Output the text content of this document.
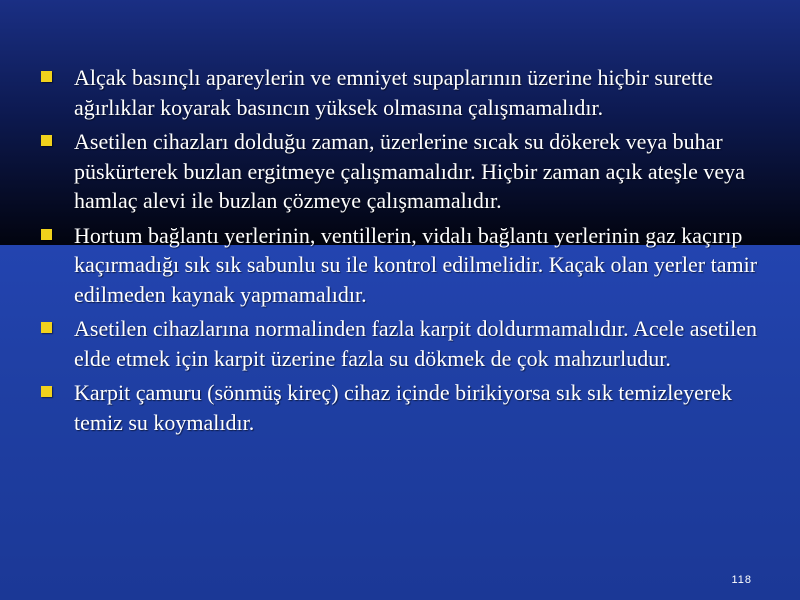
Alçak basınçlı apareylerin ve emniyet supaplarının üzerine hiçbir surette ağırlıklar koyarak basıncın yüksek olmasına çalışmamalıdır.
Asetilen cihazları dolduğu zaman, üzerlerine sıcak su dökerek veya buhar püskürterek buzlan ergitmeye çalışmamalıdır. Hiçbir zaman açık ateşle veya hamlaç alevi ile buzlan çözmeye çalışmamalıdır.
Hortum bağlantı yerlerinin, ventillerin, vidalı bağlantı yerlerinin gaz kaçırıp kaçırmadığı sık sık sabunlu su ile kontrol edilmelidir. Kaçak olan yerler tamir edilmeden kaynak yapmamalıdır.
Asetilen cihazlarına normalinden fazla karpit doldurmamalıdır. Acele asetilen elde etmek için karpit üzerine fazla su dökmek de çok mahzurludur.
Karpit çamuru (sönmüş kireç) cihaz içinde birikiyorsa sık sık temizleyerek temiz su koymalıdır.
118
